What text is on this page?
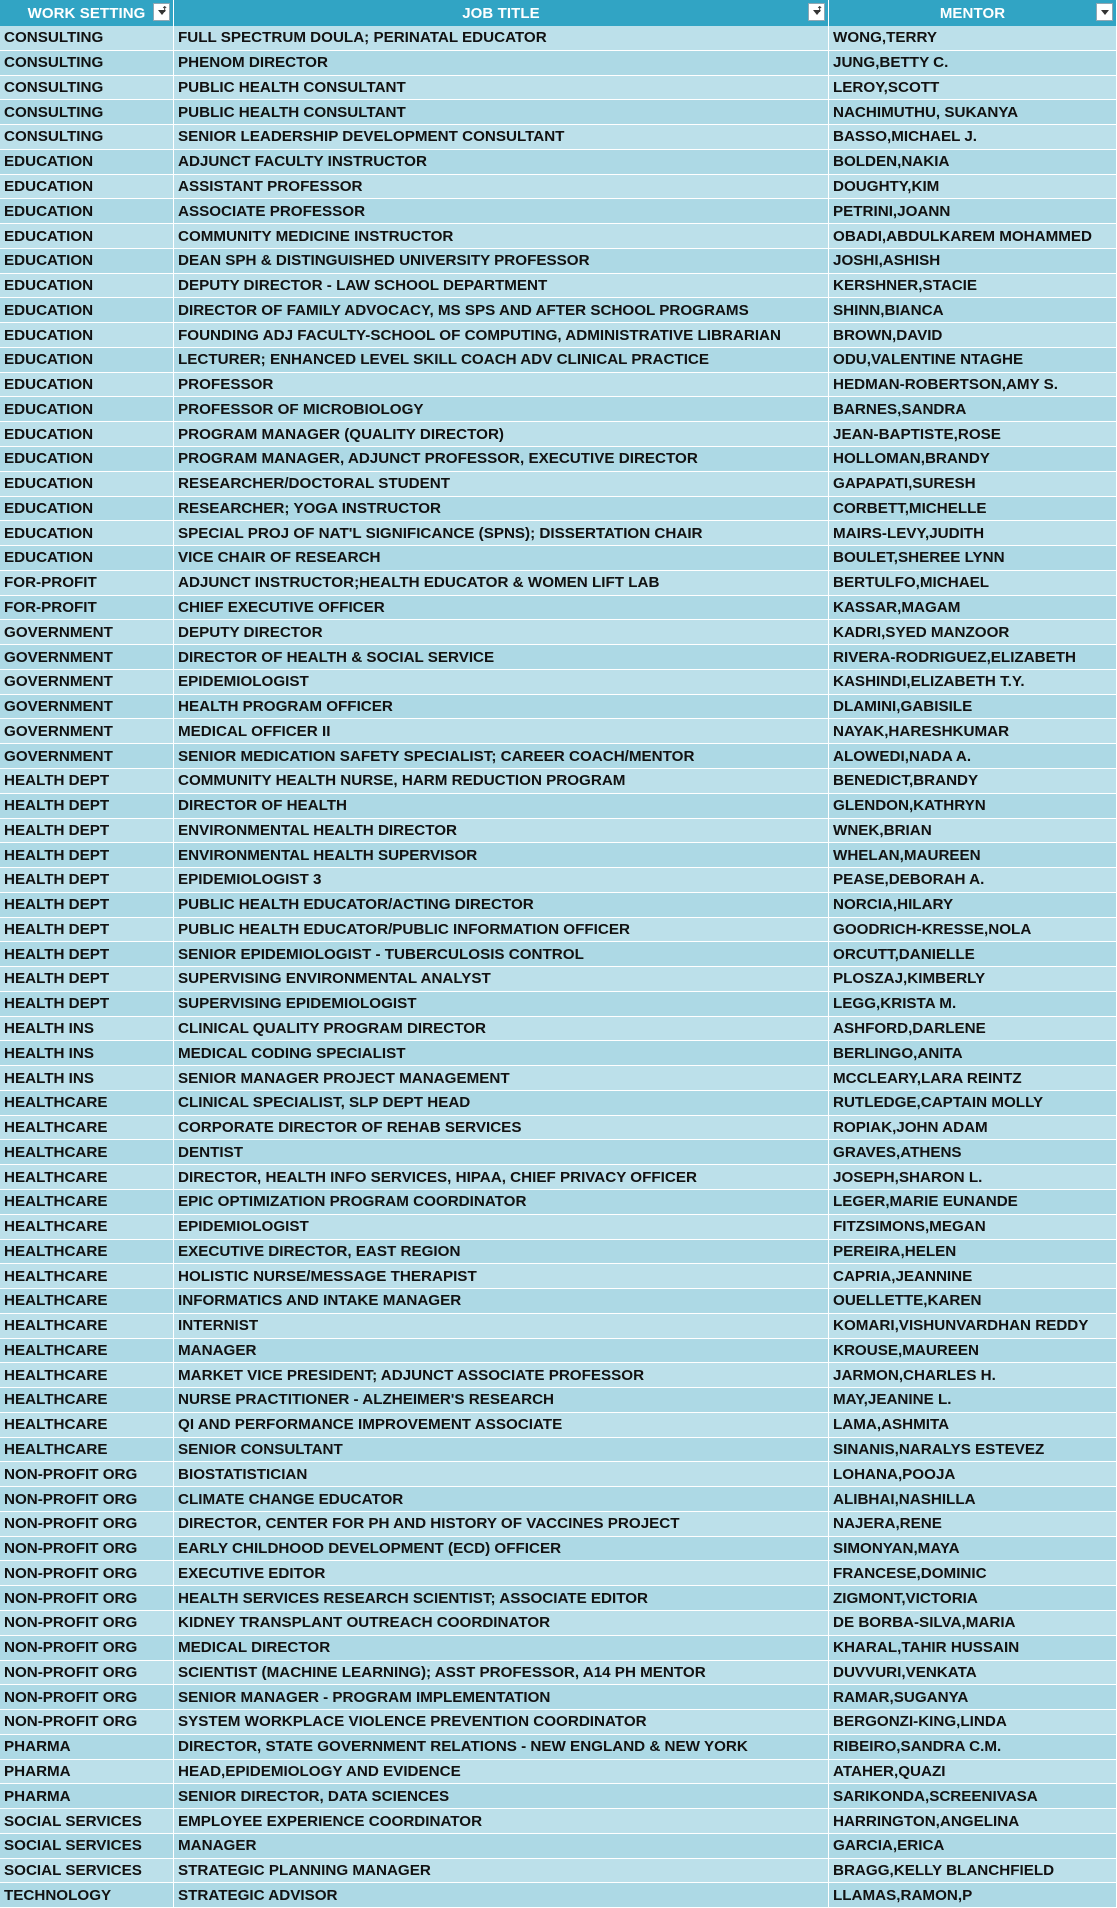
WORK SETTING ↑	JOB TITLE	↑	MENTOR
CONSULTING	FULL SPECTRUM DOULA; PERINATAL EDUCATOR	WONG,TERRY
CONSULTING	PHENOM DIRECTOR	JUNG,BETTY C.
CONSULTING	PUBLIC HEALTH CONSULTANT	LEROY,SCOTT
CONSULTING	PUBLIC HEALTH CONSULTANT	NACHIMUTHU, SUKANYA
CONSULTING	SENIOR LEADERSHIP DEVELOPMENT CONSULTANT	BASSO,MICHAEL J.
EDUCATION	ADJUNCT FACULTY INSTRUCTOR	BOLDEN,NAKIA
EDUCATION	ASSISTANT PROFESSOR	DOUGHTY,KIM
EDUCATION	ASSOCIATE PROFESSOR	PETRINI,JOANN
EDUCATION	COMMUNITY MEDICINE INSTRUCTOR	OBADI,ABDULKAREM MOHAMMED
EDUCATION	DEAN SPH & DISTINGUISHED UNIVERSITY PROFESSOR	JOSHI,ASHISH
EDUCATION	DEPUTY DIRECTOR - LAW SCHOOL DEPARTMENT	KERSHNER,STACIE
EDUCATION	DIRECTOR OF FAMILY ADVOCACY, MS SPS AND AFTER SCHOOL PROGRAMS	SHINN,BIANCA
EDUCATION	FOUNDING ADJ FACULTY-SCHOOL OF COMPUTING, ADMINISTRATIVE LIBRARIAN	BROWN,DAVID
EDUCATION	LECTURER; ENHANCED LEVEL SKILL COACH ADV CLINICAL PRACTICE	ODU,VALENTINE NTAGHE
EDUCATION	PROFESSOR	HEDMAN-ROBERTSON,AMY S.
EDUCATION	PROFESSOR OF MICROBIOLOGY	BARNES,SANDRA
EDUCATION	PROGRAM MANAGER (QUALITY DIRECTOR)	JEAN-BAPTISTE,ROSE
EDUCATION	PROGRAM MANAGER, ADJUNCT PROFESSOR, EXECUTIVE DIRECTOR	HOLLOMAN,BRANDY
EDUCATION	RESEARCHER/DOCTORAL STUDENT	GAPAPATI,SURESH
EDUCATION	RESEARCHER; YOGA INSTRUCTOR	CORBETT,MICHELLE
EDUCATION	SPECIAL PROJ OF NAT'L SIGNIFICANCE (SPNS); DISSERTATION CHAIR	MAIRS-LEVY,JUDITH
EDUCATION	VICE CHAIR OF RESEARCH	BOULET,SHEREE LYNN
FOR-PROFIT	ADJUNCT INSTRUCTOR;HEALTH EDUCATOR & WOMEN LIFT LAB	BERTULFO,MICHAEL
FOR-PROFIT	CHIEF EXECUTIVE OFFICER	KASSAR,MAGAM
GOVERNMENT	DEPUTY DIRECTOR	KADRI,SYED MANZOOR
GOVERNMENT	DIRECTOR OF HEALTH & SOCIAL SERVICE	RIVERA-RODRIGUEZ,ELIZABETH
GOVERNMENT	EPIDEMIOLOGIST	KASHINDI,ELIZABETH T.Y.
GOVERNMENT	HEALTH PROGRAM OFFICER	DLAMINI,GABISILE
GOVERNMENT	MEDICAL OFFICER II	NAYAK,HARESHKUMAR
GOVERNMENT	SENIOR MEDICATION SAFETY SPECIALIST; CAREER COACH/MENTOR	ALOWEDI,NADA A.
HEALTH DEPT	COMMUNITY HEALTH NURSE, HARM REDUCTION PROGRAM	BENEDICT,BRANDY
HEALTH DEPT	DIRECTOR OF HEALTH	GLENDON,KATHRYN
HEALTH DEPT	ENVIRONMENTAL HEALTH DIRECTOR	WNEK,BRIAN
HEALTH DEPT	ENVIRONMENTAL HEALTH SUPERVISOR	WHELAN,MAUREEN
HEALTH DEPT	EPIDEMIOLOGIST 3	PEASE,DEBORAH A.
HEALTH DEPT	PUBLIC HEALTH EDUCATOR/ACTING DIRECTOR	NORCIA,HILARY
HEALTH DEPT	PUBLIC HEALTH EDUCATOR/PUBLIC INFORMATION OFFICER	GOODRICH-KRESSE,NOLA
HEALTH DEPT	SENIOR EPIDEMIOLOGIST - TUBERCULOSIS CONTROL	ORCUTT,DANIELLE
HEALTH DEPT	SUPERVISING ENVIRONMENTAL ANALYST	PLOSZAJ,KIMBERLY
HEALTH DEPT	SUPERVISING EPIDEMIOLOGIST	LEGG,KRISTA M.
HEALTH INS	CLINICAL QUALITY PROGRAM DIRECTOR	ASHFORD,DARLENE
HEALTH INS	MEDICAL CODING SPECIALIST	BERLINGO,ANITA
HEALTH INS	SENIOR MANAGER PROJECT MANAGEMENT	MCCLEARY,LARA REINTZ
HEALTHCARE	CLINICAL SPECIALIST, SLP DEPT HEAD	RUTLEDGE,CAPTAIN MOLLY
HEALTHCARE	CORPORATE DIRECTOR OF REHAB SERVICES	ROPIAK,JOHN ADAM
HEALTHCARE	DENTIST	GRAVES,ATHENS
HEALTHCARE	DIRECTOR, HEALTH INFO SERVICES, HIPAA, CHIEF PRIVACY OFFICER	JOSEPH,SHARON L.
HEALTHCARE	EPIC OPTIMIZATION PROGRAM COORDINATOR	LEGER,MARIE EUNANDE
HEALTHCARE	EPIDEMIOLOGIST	FITZSIMONS,MEGAN
HEALTHCARE	EXECUTIVE DIRECTOR, EAST REGION	PEREIRA,HELEN
HEALTHCARE	HOLISTIC NURSE/MESSAGE THERAPIST	CAPRIA,JEANNINE
HEALTHCARE	INFORMATICS AND INTAKE MANAGER	OUELLETTE,KAREN
HEALTHCARE	INTERNIST	KOMARI,VISHUNVARDHAN REDDY
HEALTHCARE	MANAGER	KROUSE,MAUREEN
HEALTHCARE	MARKET VICE PRESIDENT; ADJUNCT ASSOCIATE PROFESSOR	JARMON,CHARLES H.
HEALTHCARE	NURSE PRACTITIONER - ALZHEIMER'S RESEARCH	MAY,JEANINE L.
HEALTHCARE	QI AND PERFORMANCE IMPROVEMENT ASSOCIATE	LAMA,ASHMITA
HEALTHCARE	SENIOR CONSULTANT	SINANIS,NARALYS ESTEVEZ
NON-PROFIT ORG	BIOSTATISTICIAN	LOHANA,POOJA
NON-PROFIT ORG	CLIMATE CHANGE EDUCATOR	ALIBHAI,NASHILLA
NON-PROFIT ORG	DIRECTOR, CENTER FOR PH AND HISTORY OF VACCINES PROJECT	NAJERA,RENE
NON-PROFIT ORG	EARLY CHILDHOOD DEVELOPMENT (ECD) OFFICER	SIMONYAN,MAYA
NON-PROFIT ORG	EXECUTIVE EDITOR	FRANCESE,DOMINIC
NON-PROFIT ORG	HEALTH SERVICES RESEARCH SCIENTIST; ASSOCIATE EDITOR	ZIGMONT,VICTORIA
NON-PROFIT ORG	KIDNEY TRANSPLANT OUTREACH COORDINATOR	DE BORBA-SILVA,MARIA
NON-PROFIT ORG	MEDICAL DIRECTOR	KHARAL,TAHIR HUSSAIN
NON-PROFIT ORG	SCIENTIST (MACHINE LEARNING); ASST PROFESSOR, A14 PH MENTOR	DUVVURI,VENKATA
NON-PROFIT ORG	SENIOR MANAGER - PROGRAM IMPLEMENTATION	RAMAR,SUGANYA
NON-PROFIT ORG	SYSTEM WORKPLACE VIOLENCE PREVENTION COORDINATOR	BERGONZI-KING,LINDA
PHARMA	DIRECTOR, STATE GOVERNMENT RELATIONS - NEW ENGLAND & NEW YORK	RIBEIRO,SANDRA C.M.
PHARMA	HEAD,EPIDEMIOLOGY AND EVIDENCE	ATAHER,QUAZI
PHARMA	SENIOR DIRECTOR, DATA SCIENCES	SARIKONDA,SCREENIVASA
SOCIAL SERVICES	EMPLOYEE EXPERIENCE COORDINATOR	HARRINGTON,ANGELINA
SOCIAL SERVICES	MANAGER	GARCIA,ERICA
SOCIAL SERVICES	STRATEGIC PLANNING MANAGER	BRAGG,KELLY BLANCHFIELD
TECHNOLOGY	STRATEGIC ADVISOR	LLAMAS,RAMON,P
